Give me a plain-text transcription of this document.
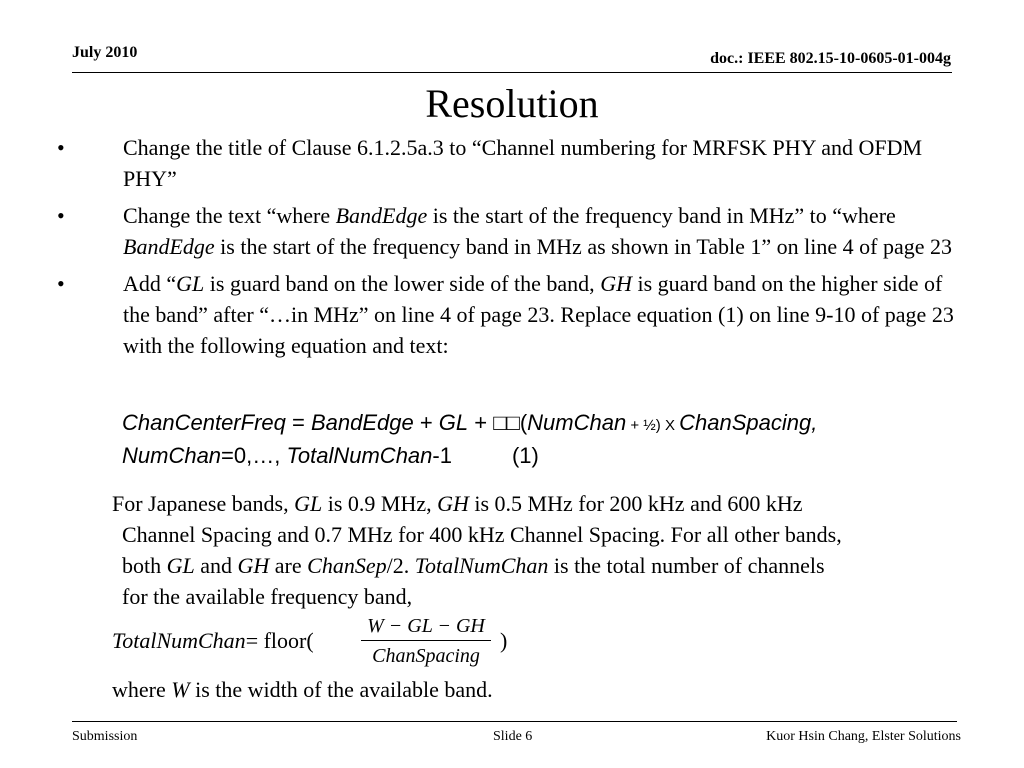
July 2010	doc.: IEEE 802.15-10-0605-01-004g
Resolution
•	Change the title of Clause 6.1.2.5a.3 to “Channel numbering for MRFSK PHY and OFDM PHY”
•	Change the text “where BandEdge is the start of the frequency band in MHz” to “where BandEdge is the start of the frequency band in MHz as shown in Table 1” on line 4 of page 23
•	Add “GL is guard band on the lower side of the band, GH is guard band on the higher side of the band” after “…in MHz” on line 4 of page 23. Replace equation (1) on line 9-10 of page 23 with the following equation and text:
ChanCenterFreq = BandEdge + GL + □□(NumChan + ½) X ChanSpacing,
NumChan=0,…, TotalNumChan-1	(1)
For Japanese bands, GL is 0.9 MHz, GH is 0.5 MHz for 200 kHz and 600 kHz
Channel Spacing and 0.7 MHz for 400 kHz Channel Spacing. For all other bands,
both GL and GH are ChanSep/2. TotalNumChan is the total number of channels
for the available frequency band,
TotalNumChan= floor(
W − GL − GH
ChanSpacing
)
where W is the width of the available band.
Submission	Slide 6	Kuor Hsin Chang, Elster Solutions
